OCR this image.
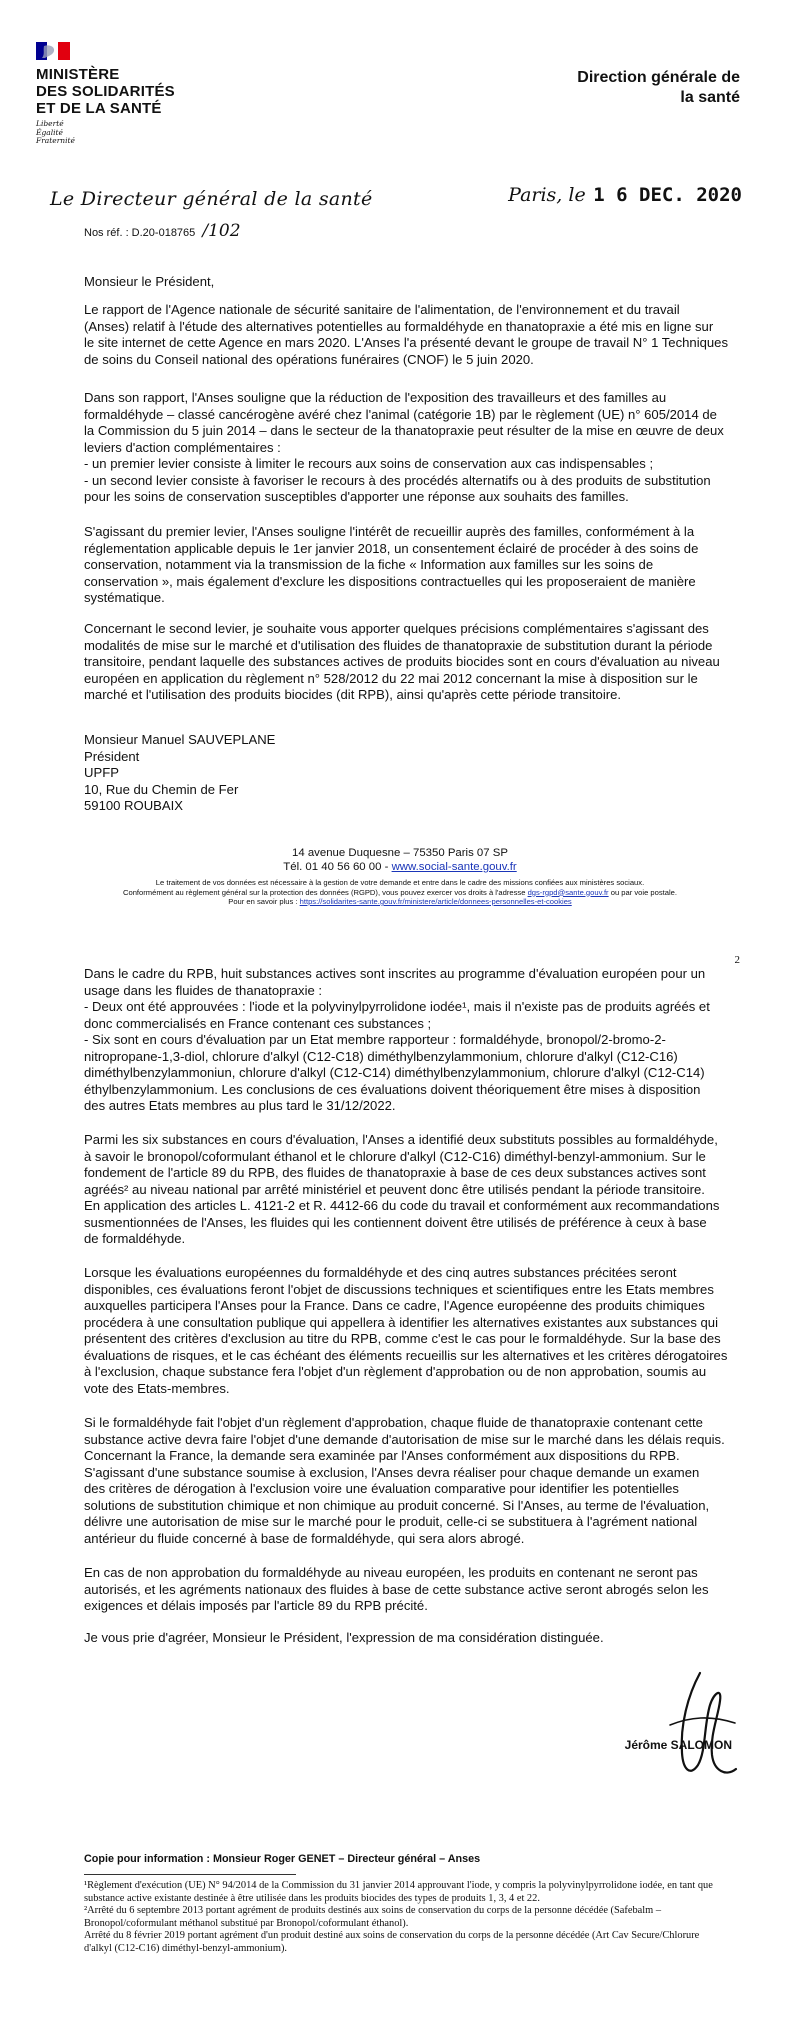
MINISTÈRE
DES SOLIDARITÉS
ET DE LA SANTÉ
Liberté
Égalité
Fraternité
Direction générale de
la santé
Le Directeur général de la santé	Paris, le 1 6 DEC. 2020
Nos réf. : D.20-018765 /102
Monsieur le Président,
Le rapport de l'Agence nationale de sécurité sanitaire de l'alimentation, de l'environnement et du travail
(Anses) relatif à l'étude des alternatives potentielles au formaldéhyde en thanatopraxie a été mis en ligne sur
le site internet de cette Agence en mars 2020. L'Anses l'a présenté devant le groupe de travail N° 1 Techniques
de soins du Conseil national des opérations funéraires (CNOF) le 5 juin 2020.
Dans son rapport, l'Anses souligne que la réduction de l'exposition des travailleurs et des familles au
formaldéhyde – classé cancérogène avéré chez l'animal (catégorie 1B) par le règlement (UE) n° 605/2014 de
la Commission du 5 juin 2014 – dans le secteur de la thanatopraxie peut résulter de la mise en œuvre de deux
leviers d'action complémentaires :
- un premier levier consiste à limiter le recours aux soins de conservation aux cas indispensables ;
- un second levier consiste à favoriser le recours à des procédés alternatifs ou à des produits de substitution
pour les soins de conservation susceptibles d'apporter une réponse aux souhaits des familles.
S'agissant du premier levier, l'Anses souligne l'intérêt de recueillir auprès des familles, conformément à la
réglementation applicable depuis le 1er janvier 2018, un consentement éclairé de procéder à des soins de
conservation, notamment via la transmission de la fiche « Information aux familles sur les soins de
conservation », mais également d'exclure les dispositions contractuelles qui les proposeraient de manière
systématique.
Concernant le second levier, je souhaite vous apporter quelques précisions complémentaires s'agissant des
modalités de mise sur le marché et d'utilisation des fluides de thanatopraxie de substitution durant la période
transitoire, pendant laquelle des substances actives de produits biocides sont en cours d'évaluation au niveau
européen en application du règlement n° 528/2012 du 22 mai 2012 concernant la mise à disposition sur le
marché et l'utilisation des produits biocides (dit RPB), ainsi qu'après cette période transitoire.
Monsieur Manuel SAUVEPLANE
Président
UPFP
10, Rue du Chemin de Fer
59100 ROUBAIX
14 avenue Duquesne – 75350 Paris 07 SP
Tél. 01 40 56 60 00 - www.social-sante.gouv.fr
Le traitement de vos données est nécessaire à la gestion de votre demande et entre dans le cadre des missions confiées aux ministères sociaux.
Conformément au règlement général sur la protection des données (RGPD), vous pouvez exercer vos droits à l'adresse dgs-rgpd@sante.gouv.fr ou par voie postale.
Pour en savoir plus : https://solidarites-sante.gouv.fr/ministere/article/donnees-personnelles-et-cookies
2
Dans le cadre du RPB, huit substances actives sont inscrites au programme d'évaluation européen pour un
usage dans les fluides de thanatopraxie :
- Deux ont été approuvées : l'iode et la polyvinylpyrrolidone iodée¹, mais il n'existe pas de produits agréés et
donc commercialisés en France contenant ces substances ;
- Six sont en cours d'évaluation par un Etat membre rapporteur : formaldéhyde, bronopol/2-bromo-2-
nitropropane-1,3-diol, chlorure d'alkyl (C12-C18) diméthylbenzylammonium, chlorure d'alkyl (C12-C16)
diméthylbenzylammoniun, chlorure d'alkyl (C12-C14) diméthylbenzylammonium, chlorure d'alkyl (C12-C14)
éthylbenzylammonium. Les conclusions de ces évaluations doivent théoriquement être mises à disposition
des autres Etats membres au plus tard le 31/12/2022.
Parmi les six substances en cours d'évaluation, l'Anses a identifié deux substituts possibles au formaldéhyde,
à savoir le bronopol/coformulant éthanol et le chlorure d'alkyl (C12-C16) diméthyl-benzyl-ammonium. Sur le
fondement de l'article 89 du RPB, des fluides de thanatopraxie à base de ces deux substances actives sont
agréés² au niveau national par arrêté ministériel et peuvent donc être utilisés pendant la période transitoire.
En application des articles L. 4121-2 et R. 4412-66 du code du travail et conformément aux recommandations
susmentionnées de l'Anses, les fluides qui les contiennent doivent être utilisés de préférence à ceux à base
de formaldéhyde.
Lorsque les évaluations européennes du formaldéhyde et des cinq autres substances précitées seront
disponibles, ces évaluations feront l'objet de discussions techniques et scientifiques entre les Etats membres
auxquelles participera l'Anses pour la France. Dans ce cadre, l'Agence européenne des produits chimiques
procédera à une consultation publique qui appellera à identifier les alternatives existantes aux substances qui
présentent des critères d'exclusion au titre du RPB, comme c'est le cas pour le formaldéhyde. Sur la base des
évaluations de risques, et le cas échéant des éléments recueillis sur les alternatives et les critères dérogatoires
à l'exclusion, chaque substance fera l'objet d'un règlement d'approbation ou de non approbation, soumis au
vote des Etats-membres.
Si le formaldéhyde fait l'objet d'un règlement d'approbation, chaque fluide de thanatopraxie contenant cette
substance active devra faire l'objet d'une demande d'autorisation de mise sur le marché dans les délais requis.
Concernant la France, la demande sera examinée par l'Anses conformément aux dispositions du RPB.
S'agissant d'une substance soumise à exclusion, l'Anses devra réaliser pour chaque demande un examen
des critères de dérogation à l'exclusion voire une évaluation comparative pour identifier les potentielles
solutions de substitution chimique et non chimique au produit concerné. Si l'Anses, au terme de l'évaluation,
délivre une autorisation de mise sur le marché pour le produit, celle-ci se substituera à l'agrément national
antérieur du fluide concerné à base de formaldéhyde, qui sera alors abrogé.
En cas de non approbation du formaldéhyde au niveau européen, les produits en contenant ne seront pas
autorisés, et les agréments nationaux des fluides à base de cette substance active seront abrogés selon les
exigences et délais imposés par l'article 89 du RPB précité.
Je vous prie d'agréer, Monsieur le Président, l'expression de ma considération distinguée.
Jérôme SALOMON
Copie pour information : Monsieur Roger GENET – Directeur général – Anses
¹Règlement d'exécution (UE) N° 94/2014 de la Commission du 31 janvier 2014 approuvant l'iode, y compris la polyvinylpyrrolidone iodée, en tant que
substance active existante destinée à être utilisée dans les produits biocides des types de produits 1, 3, 4 et 22.
²Arrêté du 6 septembre 2013 portant agrément de produits destinés aux soins de conservation du corps de la personne décédée (Safebalm –
Bronopol/coformulant méthanol substitué par Bronopol/coformulant éthanol).
Arrêté du 8 février 2019 portant agrément d'un produit destiné aux soins de conservation du corps de la personne décédée (Art Cav Secure/Chlorure
d'alkyl (C12-C16) diméthyl-benzyl-ammonium).
